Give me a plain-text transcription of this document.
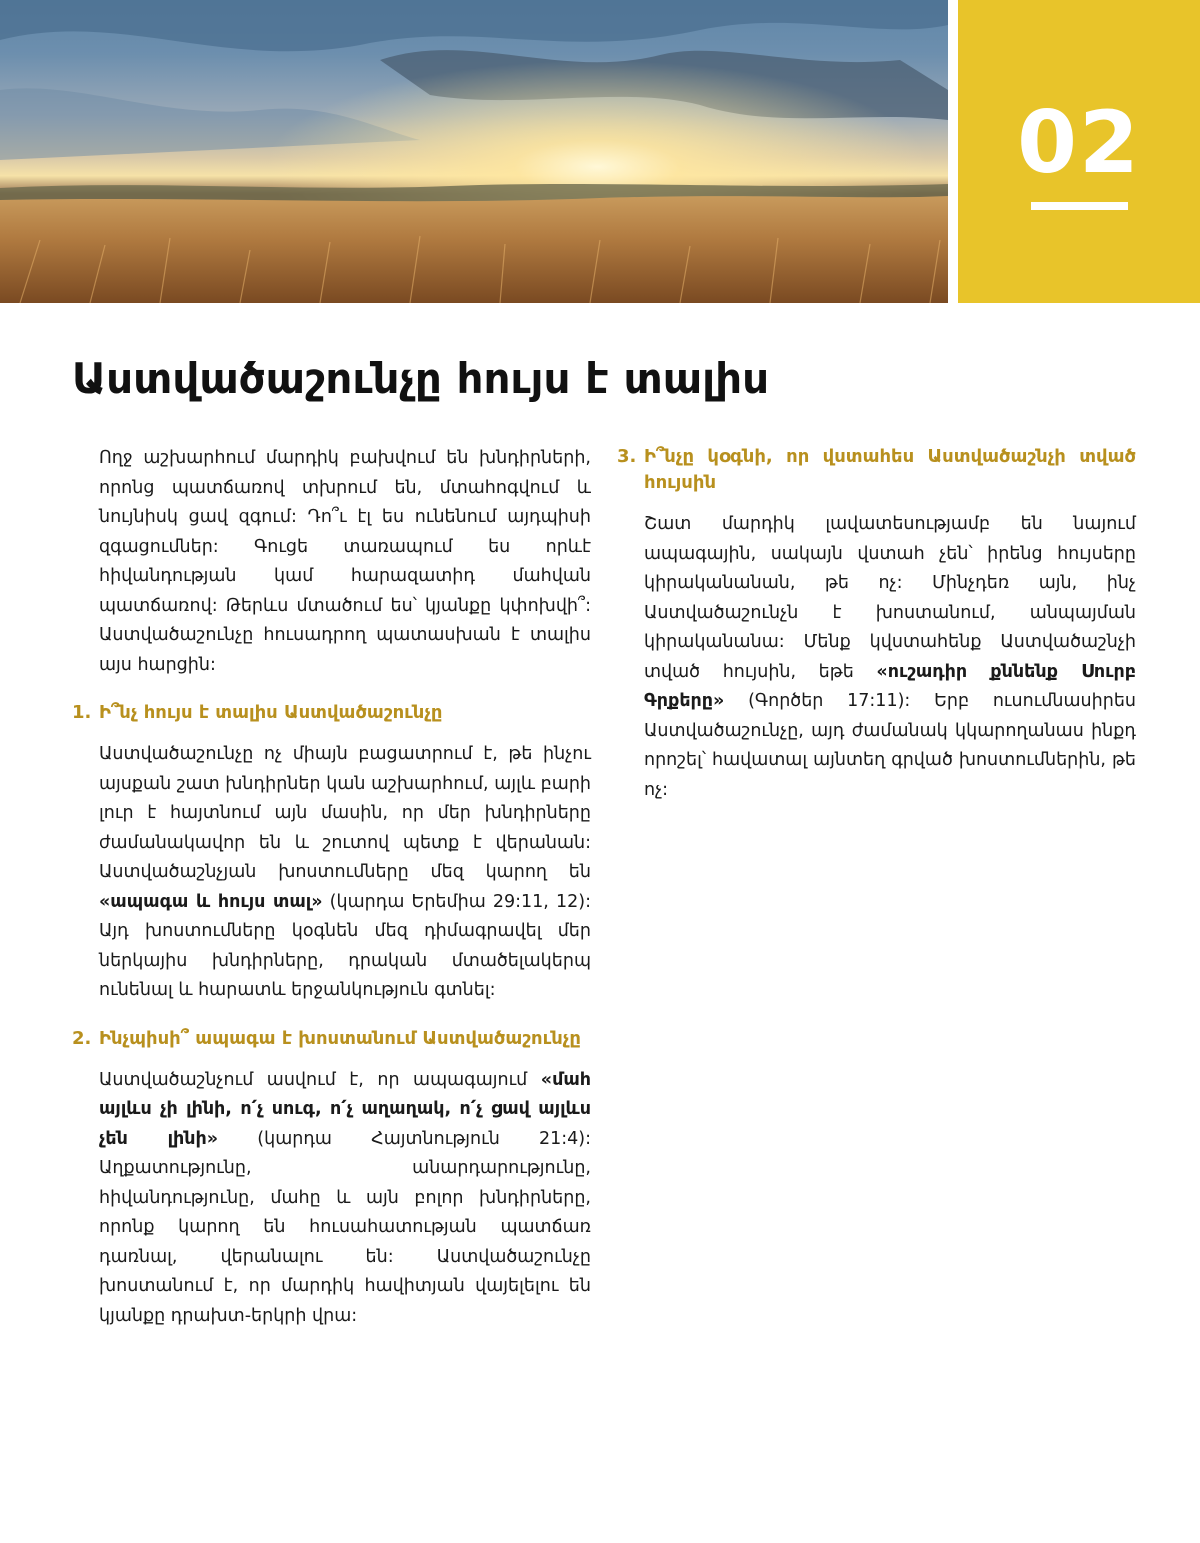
02
Աստվածաշունչը հույս է տալիս

Ողջ աշխարհում մարդիկ բախվում են խնդիրների, որոնց պատճառով տխրում են, մտահոգվում և նույնիսկ ցավ զգում: Դո՞ւ էլ ես ունենում այդպիսի զգացումներ: Գուցե տառապում ես որևէ հիվանդության կամ հարազատիդ մահվան պատճառով: Թերևս մտածում ես՝ կյանքը կփոխվի՞: Աստվածաշունչը հուսադրող պատասխան է տալիս այս հարցին:

1. Ի՞նչ հույս է տալիս Աստվածաշունչը

Աստվածաշունչը ոչ միայն բացատրում է, թե ինչու այսքան շատ խնդիրներ կան աշխարհում, այլև բարի լուր է հայտնում այն մասին, որ մեր խնդիրները ժամանակավոր են և շուտով պետք է վերանան: Աստվածաշնչյան խոստումները մեզ կարող են «ապագա և հույս տալ» (կարդա Երեմիա 29:11, 12): Այդ խոստումները կօգնեն մեզ դիմագրավել մեր ներկայիս խնդիրները, դրական մտածելակերպ ունենալ և հարատև երջանկություն գտնել:

2. Ինչպիսի՞ ապագա է խոստանում Աստվածաշունչը

Աստվածաշնչում ասվում է, որ ապագայում «մահ այլևս չի լինի, ո՛չ սուգ, ո՛չ աղաղակ, ո՛չ ցավ այլևս չեն լինի» (կարդա Հայտնություն 21:4): Աղքատությունը, անարդարությունը, հիվանդությունը, մահը և այն բոլոր խնդիրները, որոնք կարող են հուսահատության պատճառ դառնալ, վերանալու են: Աստվածաշունչը խոստանում է, որ մարդիկ հավիտյան վայելելու են կյանքը դրախտ-երկրի վրա:

3. Ի՞նչը կօգնի, որ վստահես Աստվածաշնչի տված հույսին

Շատ մարդիկ լավատեսությամբ են նայում ապագային, սակայն վստահ չեն՝ իրենց հույսերը կիրականանան, թե ոչ: Մինչդեռ այն, ինչ Աստվածաշունչն է խոստանում, անպայման կիրականանա: Մենք կվստահենք Աստվածաշնչի տված հույսին, եթե «ուշադիր քննենք Սուրբ Գրքերը» (Գործեր 17:11): Երբ ուսումնասիրես Աստվածաշունչը, այդ ժամանակ կկարողանաս ինքդ որոշել՝ հավատալ այնտեղ գրված խոստումներին, թե ոչ:
